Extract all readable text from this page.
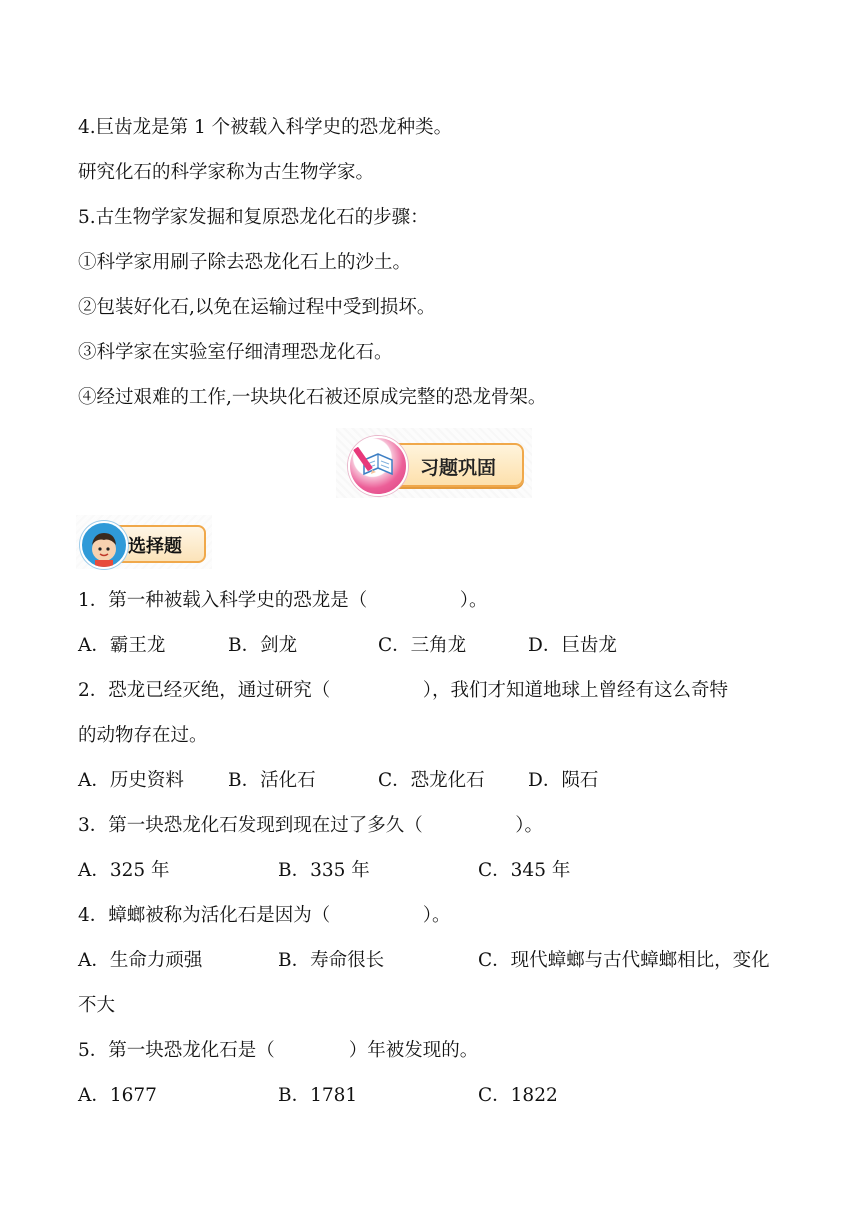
4.巨齿龙是第 1 个被载入科学史的恐龙种类。
研究化石的科学家称为古生物学家。
5.古生物学家发掘和复原恐龙化石的步骤：
①科学家用刷子除去恐龙化石上的沙土。
②包装好化石,以免在运输过程中受到损坏。
③科学家在实验室仔细清理恐龙化石。
④经过艰难的工作,一块块化石被还原成完整的恐龙骨架。
习题巩固
选择题
1．第一种被载入科学史的恐龙是（　　　　　）。
A．霸王龙	B．剑龙	C．三角龙	D．巨齿龙
2．恐龙已经灭绝，通过研究（　　　　　），我们才知道地球上曾经有这么奇特
的动物存在过。
A．历史资料 B．活化石	C．恐龙化石 D．陨石
3．第一块恐龙化石发现到现在过了多久（　　　　　）。
A．325 年	B．335 年	C．345 年
4．蟑螂被称为活化石是因为（　　　　　）。
A．生命力顽强	B．寿命很长	C．现代蟑螂与古代蟑螂相比，变化
不大
5．第一块恐龙化石是（　　　　）年被发现的。
A．1677	B．1781	C．1822
